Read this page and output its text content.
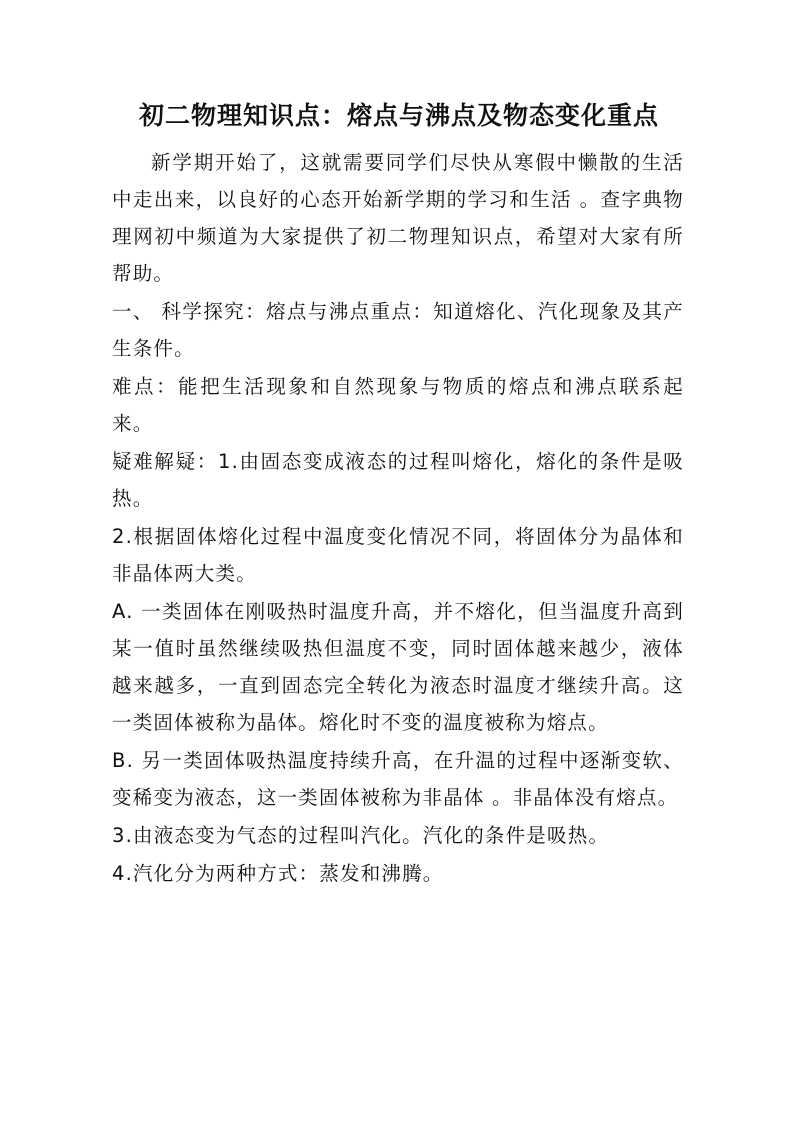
初二物理知识点：熔点与沸点及物态变化重点

新学期开始了，这就需要同学们尽快从寒假中懒散的生活中走出来，以良好的心态开始新学期的学习和生活 。查字典物理网初中频道为大家提供了初二物理知识点，希望对大家有所帮助。

一、 科学探究：熔点与沸点重点：知道熔化、汽化现象及其产生条件。

难点：能把生活现象和自然现象与物质的熔点和沸点联系起来。

疑难解疑：1.由固态变成液态的过程叫熔化，熔化的条件是吸热。

2.根据固体熔化过程中温度变化情况不同，将固体分为晶体和非晶体两大类。

A. 一类固体在刚吸热时温度升高，并不熔化，但当温度升高到某一值时虽然继续吸热但温度不变，同时固体越来越少，液体越来越多，一直到固态完全转化为液态时温度才继续升高。这一类固体被称为晶体。熔化时不变的温度被称为熔点。

B. 另一类固体吸热温度持续升高，在升温的过程中逐渐变软、变稀变为液态，这一类固体被称为非晶体 。非晶体没有熔点。

3.由液态变为气态的过程叫汽化。汽化的条件是吸热。

4.汽化分为两种方式：蒸发和沸腾。
